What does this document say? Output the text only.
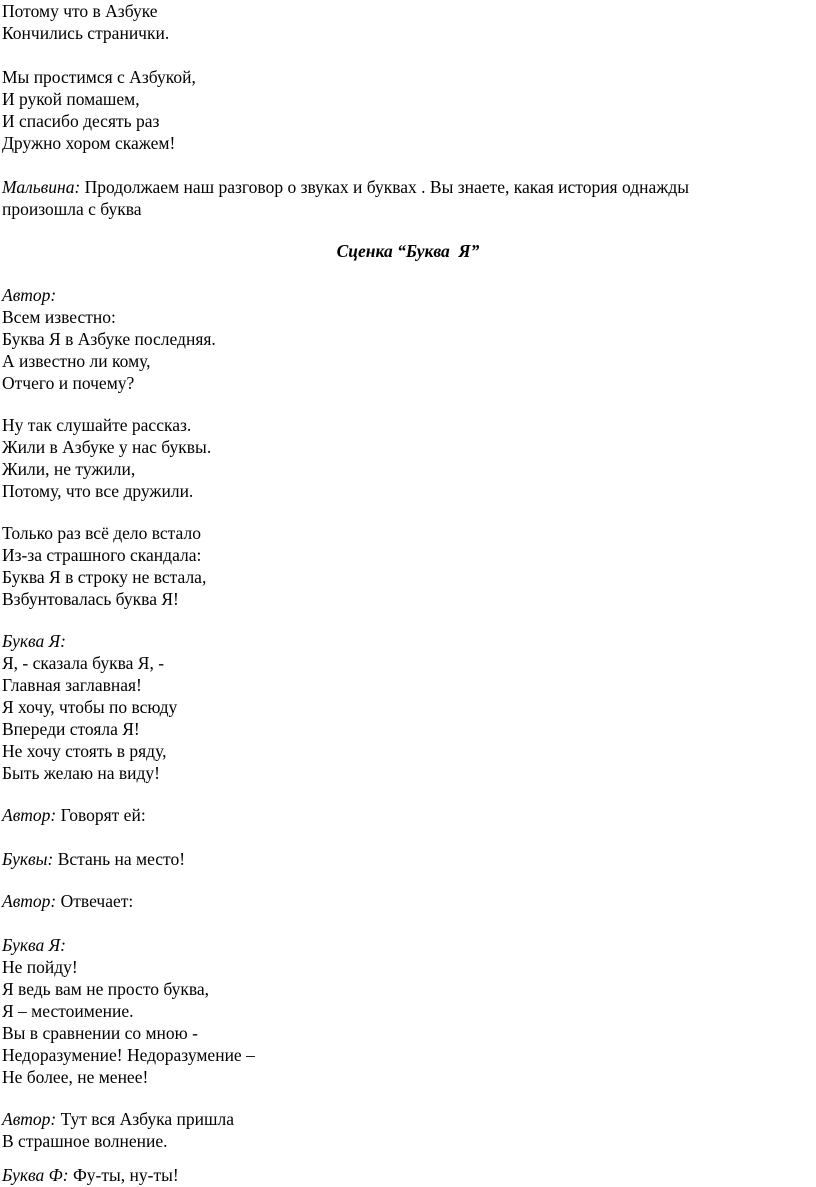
Потому что в Азбуке
Кончились странички.
Мы простимся с Азбукой,
И рукой помашем,
И спасибо десять раз
Дружно хором скажем!
Мальвина: Продолжаем наш разговор о звуках и буквах . Вы знаете, какая история однажды
произошла с буква
Сценка “Буква  Я”
Автор:
Всем известно:
Буква Я в Азбуке последняя.
А известно ли кому,
Отчего и почему?
Ну так слушайте рассказ.
Жили в Азбуке у нас буквы.
Жили, не тужили,
Потому, что все дружили.
Только раз всё дело встало
Из-за страшного скандала:
Буква Я в строку не встала,
Взбунтовалась буква Я!
Буква Я:
Я, - сказала буква Я, -
Главная заглавная!
Я хочу, чтобы по всюду
Впереди стояла Я!
Не хочу стоять в ряду,
Быть желаю на виду!
Автор: Говорят ей:
Буквы: Встань на место!
Автор: Отвечает:
Буква Я:
Не пойду!
Я ведь вам не просто буква,
Я – местоимение.
Вы в сравнении со мною -
Недоразумение! Недоразумение –
Не более, не менее!
Автор: Тут вся Азбука пришла
В страшное волнение.
Буква Ф: Фу-ты, ну-ты!
